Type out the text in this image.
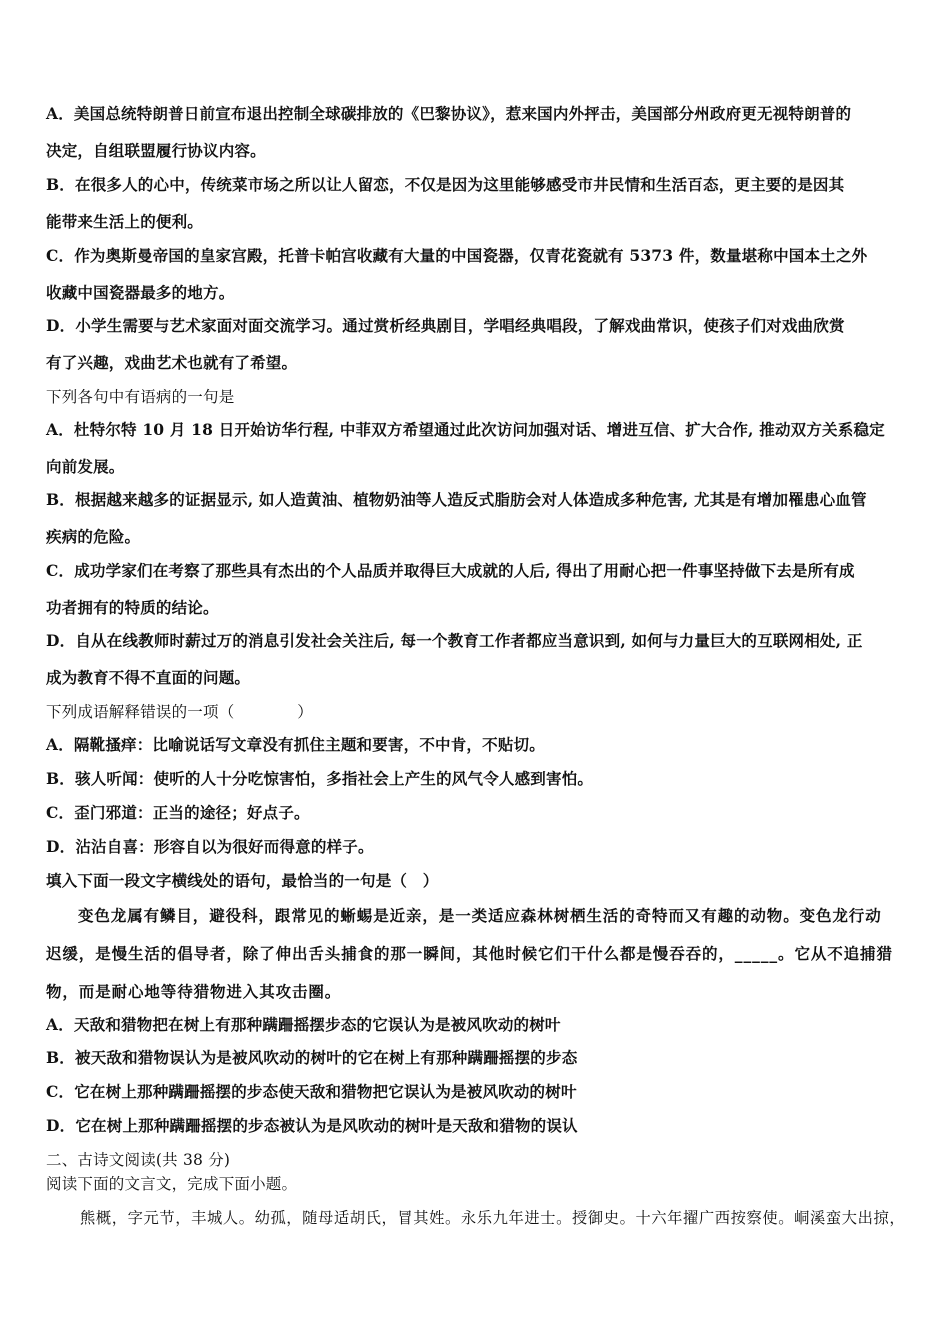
A．美国总统特朗普日前宣布退出控制全球碳排放的《巴黎协议》，惹来国内外抨击，美国部分州政府更无视特朗普的
决定，自组联盟履行协议内容。
B．在很多人的心中，传统菜市场之所以让人留恋，不仅是因为这里能够感受市井民情和生活百态，更主要的是因其
能带来生活上的便利。
C．作为奥斯曼帝国的皇家宫殿，托普卡帕宫收藏有大量的中国瓷器，仅青花瓷就有 5373 件，数量堪称中国本土之外
收藏中国瓷器最多的地方。
D．小学生需要与艺术家面对面交流学习。通过赏析经典剧目，学唱经典唱段，了解戏曲常识，使孩子们对戏曲欣赏
有了兴趣，戏曲艺术也就有了希望。
下列各句中有语病的一句是
A．杜特尔特 10 月 18 日开始访华行程, 中菲双方希望通过此次访问加强对话、增进互信、扩大合作, 推动双方关系稳定
向前发展。
B．根据越来越多的证据显示, 如人造黄油、植物奶油等人造反式脂肪会对人体造成多种危害, 尤其是有增加罹患心血管
疾病的危险。
C．成功学家们在考察了那些具有杰出的个人品质并取得巨大成就的人后, 得出了用耐心把一件事坚持做下去是所有成
功者拥有的特质的结论。
D．自从在线教师时薪过万的消息引发社会关注后, 每一个教育工作者都应当意识到, 如何与力量巨大的互联网相处, 正
成为教育不得不直面的问题。
下列成语解释错误的一项（　　　　）
A．隔靴搔痒：比喻说话写文章没有抓住主题和要害，不中肯，不贴切。
B．骇人听闻：使听的人十分吃惊害怕，多指社会上产生的风气令人感到害怕。
C．歪门邪道：正当的途径；好点子。
D．沾沾自喜：形容自以为很好而得意的样子。
填入下面一段文字横线处的语句，最恰当的一句是（　）
变色龙属有鳞目，避役科，跟常见的蜥蜴是近亲，是一类适应森林树栖生活的奇特而又有趣的动物。变色龙行动
迟缓，是慢生活的倡导者，除了伸出舌头捕食的那一瞬间，其他时候它们干什么都是慢吞吞的，_____。它从不追捕猎
物，而是耐心地等待猎物进入其攻击圈。
A．天敌和猎物把在树上有那种蹒跚摇摆步态的它误认为是被风吹动的树叶
B．被天敌和猎物误认为是被风吹动的树叶的它在树上有那种蹒跚摇摆的步态
C．它在树上那种蹒跚摇摆的步态使天敌和猎物把它误认为是被风吹动的树叶
D．它在树上那种蹒跚摇摆的步态被认为是风吹动的树叶是天敌和猎物的误认
二、古诗文阅读(共 38 分)
阅读下面的文言文，完成下面小题。
熊概，字元节，丰城人。幼孤，随母适胡氏，冒其姓。永乐九年进士。授御史。十六年擢广西按察使。峒溪蛮大出掠，
